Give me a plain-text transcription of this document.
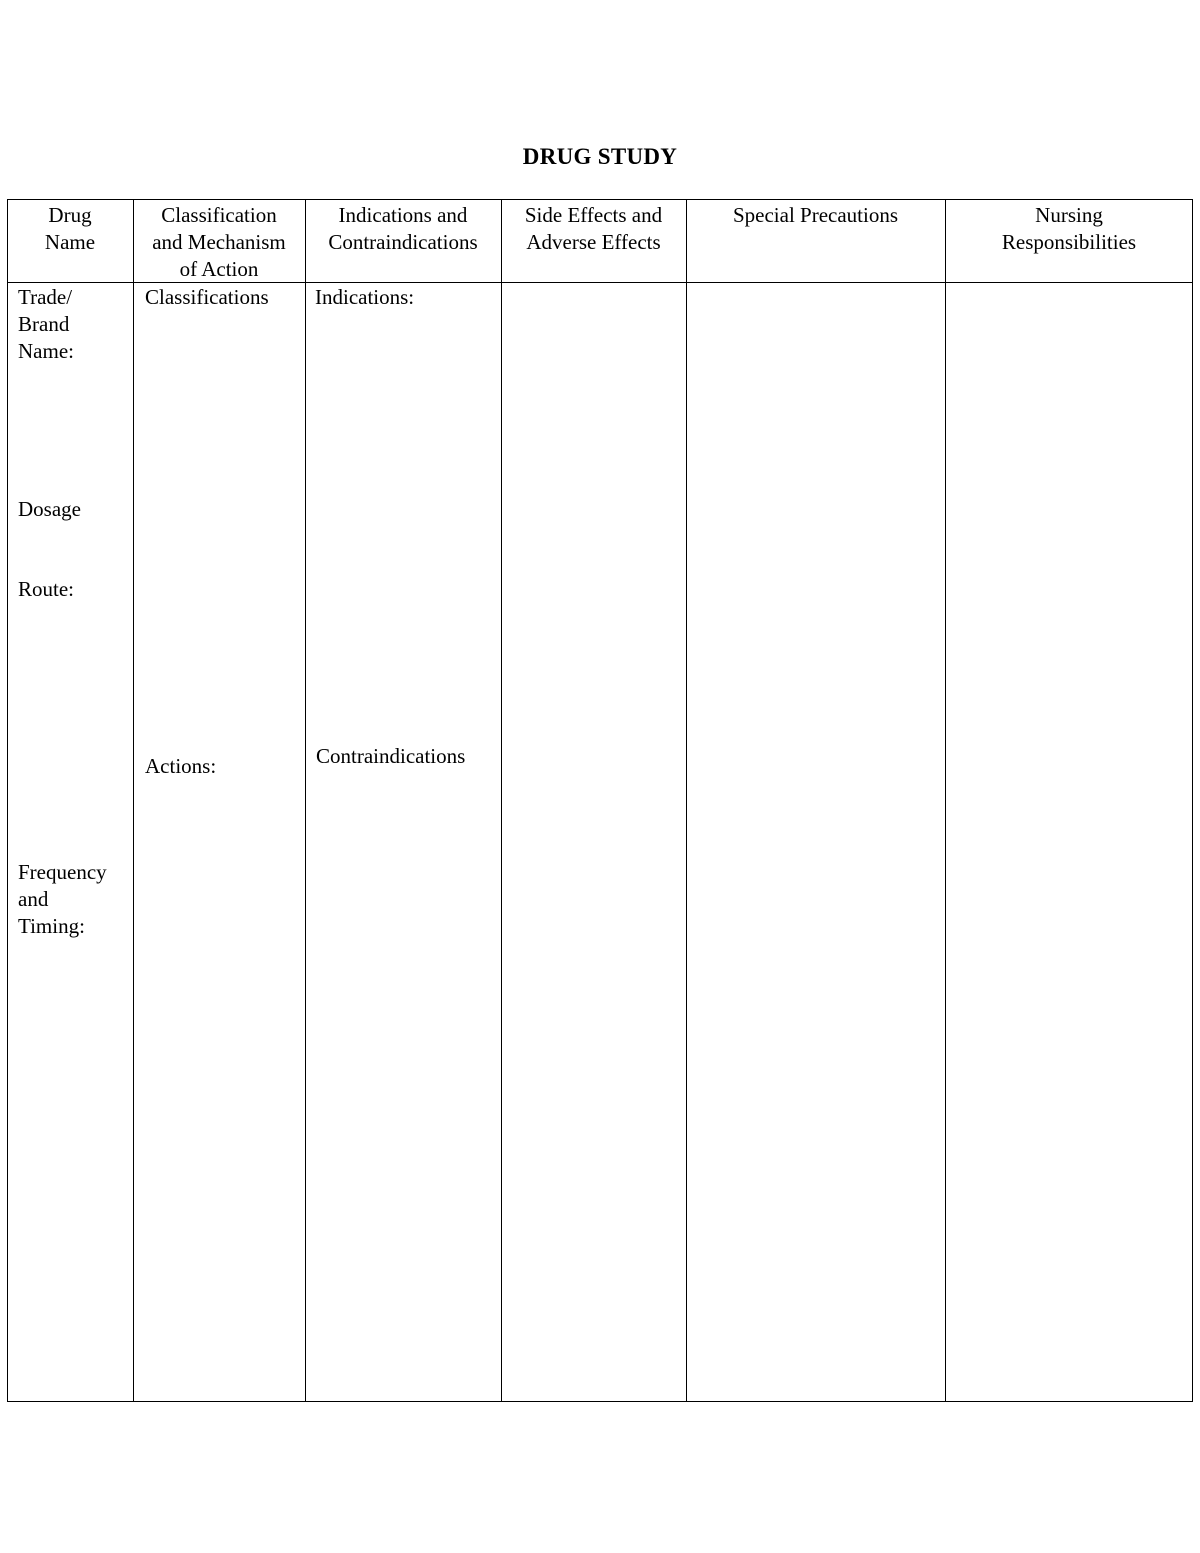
DRUG STUDY
Drug
Name
Classification
and Mechanism
of Action
Indications and
Contraindications
Side Effects and
Adverse Effects
Special Precautions	Nursing
Responsibilities
Trade/
Brand
Name:
Dosage
Route:
Frequency
and
Timing:
Classifications
Actions:
Indications:
Contraindications
